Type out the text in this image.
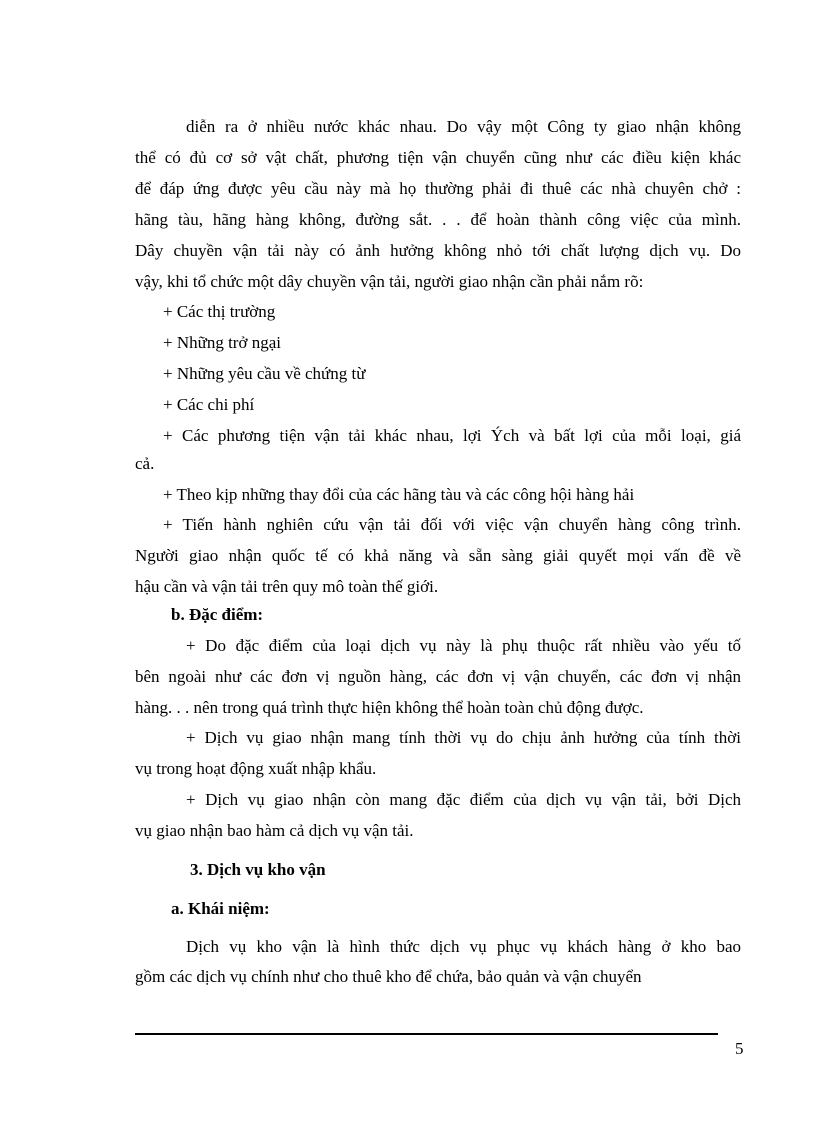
diễn ra ở nhiều nước khác nhau. Do vậy một Công ty giao nhận không
thể có đủ cơ sở vật chất, phương tiện vận chuyển cũng như các điều kiện khác
để đáp ứng được yêu cầu này mà họ thường phải đi thuê các nhà chuyên chở :
hãng tàu, hãng hàng không, đường sắt. . . để hoàn thành công việc của mình.
Dây chuyền vận tải này có ảnh hưởng không nhỏ tới chất lượng dịch vụ. Do
vậy, khi tổ chức một dây chuyền vận tải, người giao nhận cần phải nắm rõ:
+ Các thị trường
+ Những trở ngại
+ Những yêu cầu về chứng từ
+ Các chi phí
+ Các phương tiện vận tải khác nhau, lợi Ých và bất lợi của mỗi loại, giá
cả.
+ Theo kịp những thay đổi của các hãng tàu và các công hội hàng hải
+ Tiến hành nghiên cứu vận tải đối với việc vận chuyển hàng công trình.
Người giao nhận quốc tế có khả năng và sẵn sàng giải quyết mọi vấn đề về
hậu cần và vận tải trên quy mô toàn thế giới.
b. Đặc điểm:
+ Do đặc điểm của loại dịch vụ này là phụ thuộc rất nhiều vào yếu tố
bên ngoài như các đơn vị nguồn hàng, các đơn vị vận chuyển, các đơn vị nhận
hàng. . . nên trong quá trình thực hiện không thể hoàn toàn chủ động được.
+ Dịch vụ giao nhận mang tính thời vụ do chịu ảnh hưởng của tính thời
vụ trong hoạt động xuất nhập khẩu.
+ Dịch vụ giao nhận còn mang đặc điểm của dịch vụ vận tải, bởi Dịch
vụ giao nhận bao hàm cả dịch vụ vận tải.
3. Dịch vụ kho vận
a. Khái niệm:
Dịch vụ kho vận là hình thức dịch vụ phục vụ khách hàng ở kho bao
gồm các dịch vụ chính như cho thuê kho để chứa, bảo quản và vận chuyển
5
